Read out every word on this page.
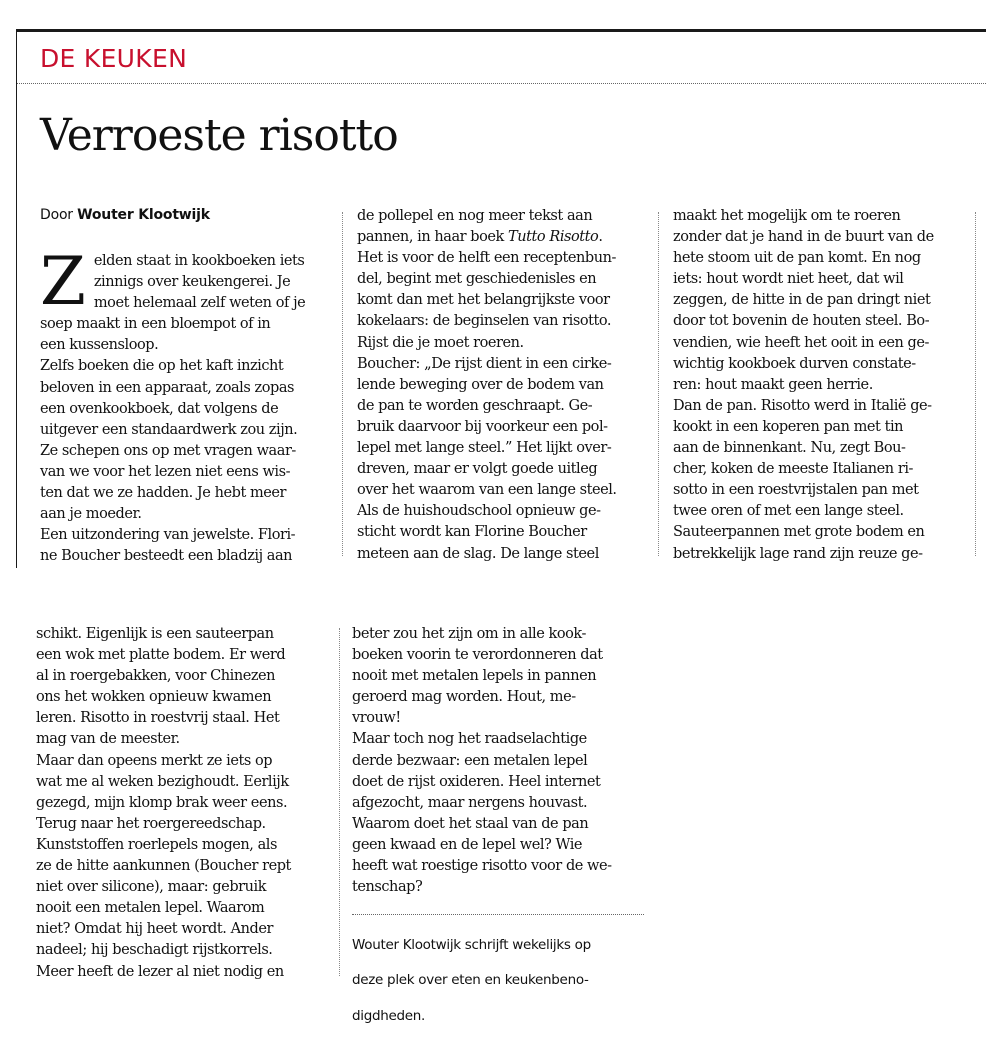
DE KEUKEN
Verroeste risotto

Door Wouter Klootwijk

Z elden staat in kookboeken iets

zinnigs over keukengerei. Je

moet helemaal zelf weten of je

soep maakt in een bloempot of in

een kussensloop.

Zelfs boeken die op het kaft inzicht

beloven in een apparaat, zoals zopas

een ovenkookboek, dat volgens de

uitgever een standaardwerk zou zijn.

Ze schepen ons op met vragen waar-

van we voor het lezen niet eens wis-

ten dat we ze hadden. Je hebt meer

aan je moeder.

Een uitzondering van jewelste. Flori-

ne Boucher besteedt een bladzij aan

de pollepel en nog meer tekst aan

pannen, in haar boek Tutto Risotto.

Het is voor de helft een receptenbun-

del, begint met geschiedenisles en

komt dan met het belangrijkste voor

kokelaars: de beginselen van risotto.

Rijst die je moet roeren.

Boucher: „De rijst dient in een cirke-

lende beweging over de bodem van

de pan te worden geschraapt. Ge-

bruik daarvoor bij voorkeur een pol-

lepel met lange steel.” Het lijkt over-

dreven, maar er volgt goede uitleg

over het waarom van een lange steel.

Als de huishoudschool opnieuw ge-

sticht wordt kan Florine Boucher

meteen aan de slag. De lange steel

maakt het mogelijk om te roeren

zonder dat je hand in de buurt van de

hete stoom uit de pan komt. En nog

iets: hout wordt niet heet, dat wil

zeggen, de hitte in de pan dringt niet

door tot bovenin de houten steel. Bo-

vendien, wie heeft het ooit in een ge-

wichtig kookboek durven constate-

ren: hout maakt geen herrie.

Dan de pan. Risotto werd in Italië ge-

kookt in een koperen pan met tin

aan de binnenkant. Nu, zegt Bou-

cher, koken de meeste Italianen ri-

sotto in een roestvrijstalen pan met

twee oren of met een lange steel.

Sauteerpannen met grote bodem en

betrekkelijk lage rand zijn reuze ge-

schikt. Eigenlijk is een sauteerpan

een wok met platte bodem. Er werd

al in roergebakken, voor Chinezen

ons het wokken opnieuw kwamen

leren. Risotto in roestvrij staal. Het

mag van de meester.

Maar dan opeens merkt ze iets op

wat me al weken bezighoudt. Eerlijk

gezegd, mijn klomp brak weer eens.

Terug naar het roergereedschap.

Kunststoffen roerlepels mogen, als

ze de hitte aankunnen (Boucher rept

niet over silicone), maar: gebruik

nooit een metalen lepel. Waarom

niet? Omdat hij heet wordt. Ander

nadeel; hij beschadigt rijstkorrels.

Meer heeft de lezer al niet nodig en

beter zou het zijn om in alle kook-

boeken voorin te verordonneren dat

nooit met metalen lepels in pannen

geroerd mag worden. Hout, me-

vrouw!

Maar toch nog het raadselachtige

derde bezwaar: een metalen lepel

doet de rijst oxideren. Heel internet

afgezocht, maar nergens houvast.

Waarom doet het staal van de pan

geen kwaad en de lepel wel? Wie

heeft wat roestige risotto voor de we-

tenschap?

Wouter Klootwijk schrijft wekelijks op

deze plek over eten en keukenbeno-

digdheden.
